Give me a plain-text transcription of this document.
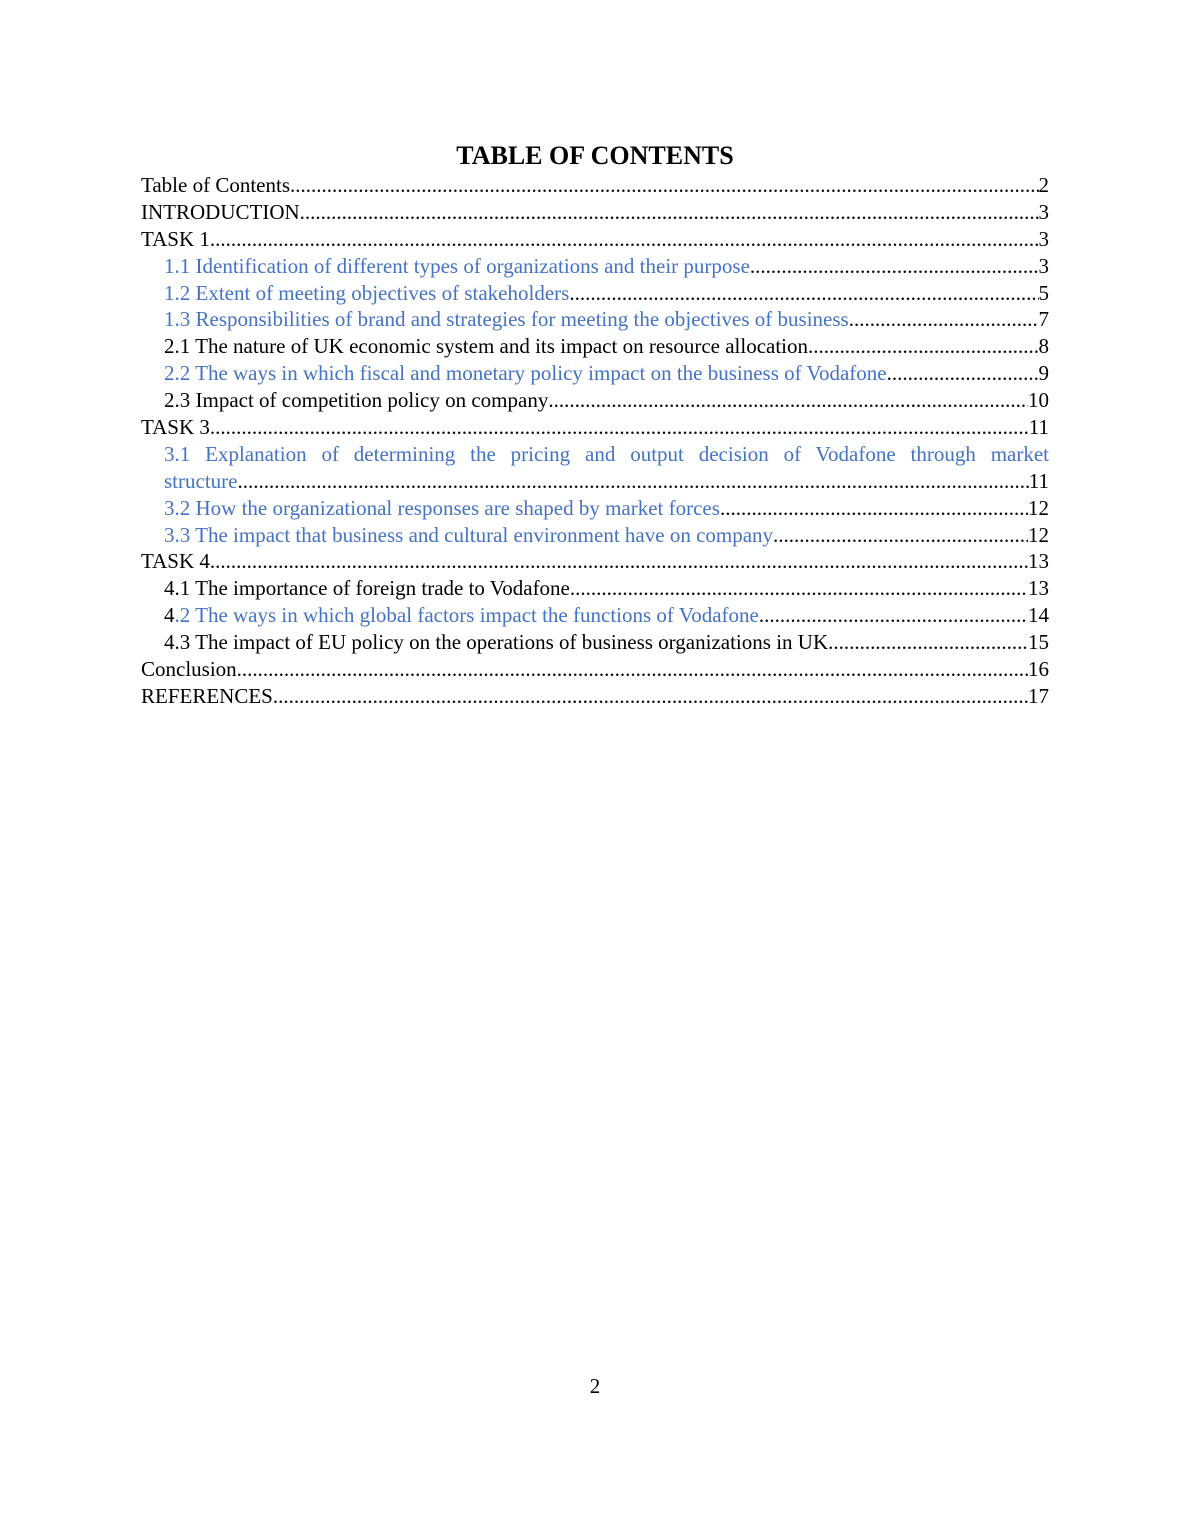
TABLE OF CONTENTS
Table of Contents .....	2
INTRODUCTION .....	3
TASK 1 .....	3
1.1 Identification of different types of organizations and their purpose .....	3
1.2 Extent of meeting objectives of stakeholders .....	5
1.3 Responsibilities of brand and strategies for meeting the objectives of business .....	7
2.1 The nature of UK economic system and its impact on resource allocation .....	8
2.2 The ways in which fiscal and monetary policy impact on the business of Vodafone .....	9
2.3 Impact of competition policy on company .....	10
TASK 3 .....	11
3.1 Explanation of determining the pricing and output decision of Vodafone through market
structure .....	11
3.2 How the organizational responses are shaped by market forces .....	12
3.3 The impact that business and cultural environment have on company .....	12
TASK 4 .....	13
4.1 The importance of foreign trade to Vodafone .....	13
4.2 The ways in which global factors impact the functions of Vodafone .....	14
4.3 The impact of EU policy on the operations of business organizations in UK .....	15
Conclusion .....	16
REFERENCES .....	17
2
